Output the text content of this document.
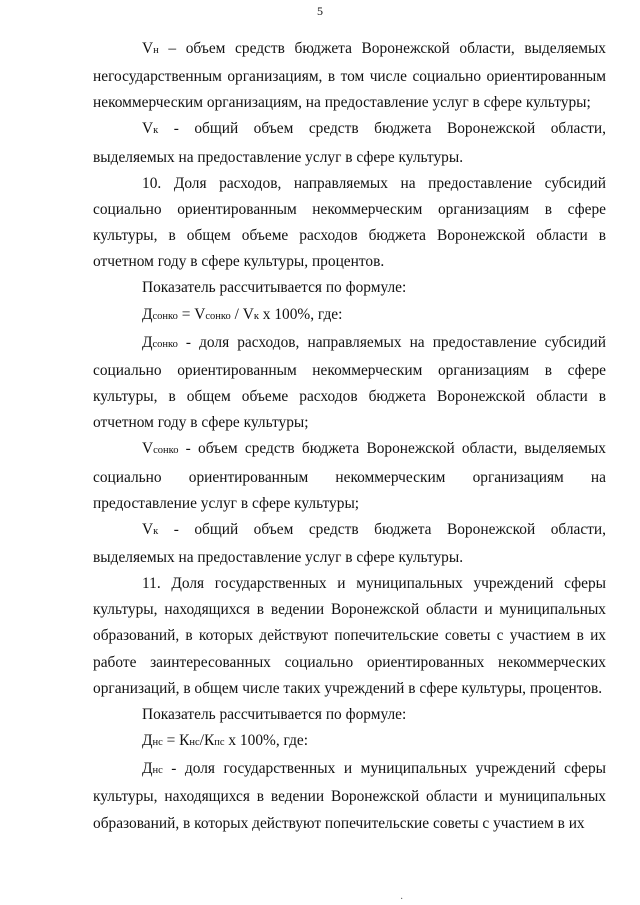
5

Vн – объем средств бюджета Воронежской области, выделяемых негосударственным организациям, в том числе социально ориентированным некоммерческим организациям, на предоставление услуг в сфере культуры;

Vк - общий объем средств бюджета Воронежской области, выделяемых на предоставление услуг в сфере культуры.

10. Доля расходов, направляемых на предоставление субсидий социально ориентированным некоммерческим организациям в сфере культуры, в общем объеме расходов бюджета Воронежской области в отчетном году в сфере культуры, процентов.

Показатель рассчитывается по формуле:

Дсонко = Vсонко / Vк х 100%, где:

Дсонко - доля расходов, направляемых на предоставление субсидий социально ориентированным некоммерческим организациям в сфере культуры, в общем объеме расходов бюджета Воронежской области в отчетном году в сфере культуры;

Vсонко - объем средств бюджета Воронежской области, выделяемых социально ориентированным некоммерческим организациям на предоставление услуг в сфере культуры;

Vк - общий объем средств бюджета Воронежской области, выделяемых на предоставление услуг в сфере культуры.

11. Доля государственных и муниципальных учреждений сферы культуры, находящихся в ведении Воронежской области и муниципальных образований, в которых действуют попечительские советы с участием в их работе заинтересованных социально ориентированных некоммерческих организаций, в общем числе таких учреждений в сфере культуры, процентов.

Показатель рассчитывается по формуле:

Днс = Кнс/Кпс х 100%, где:

Днс - доля государственных и муниципальных учреждений сферы культуры, находящихся в ведении Воронежской области и муниципальных образований, в которых действуют попечительские советы с участием в их

·
